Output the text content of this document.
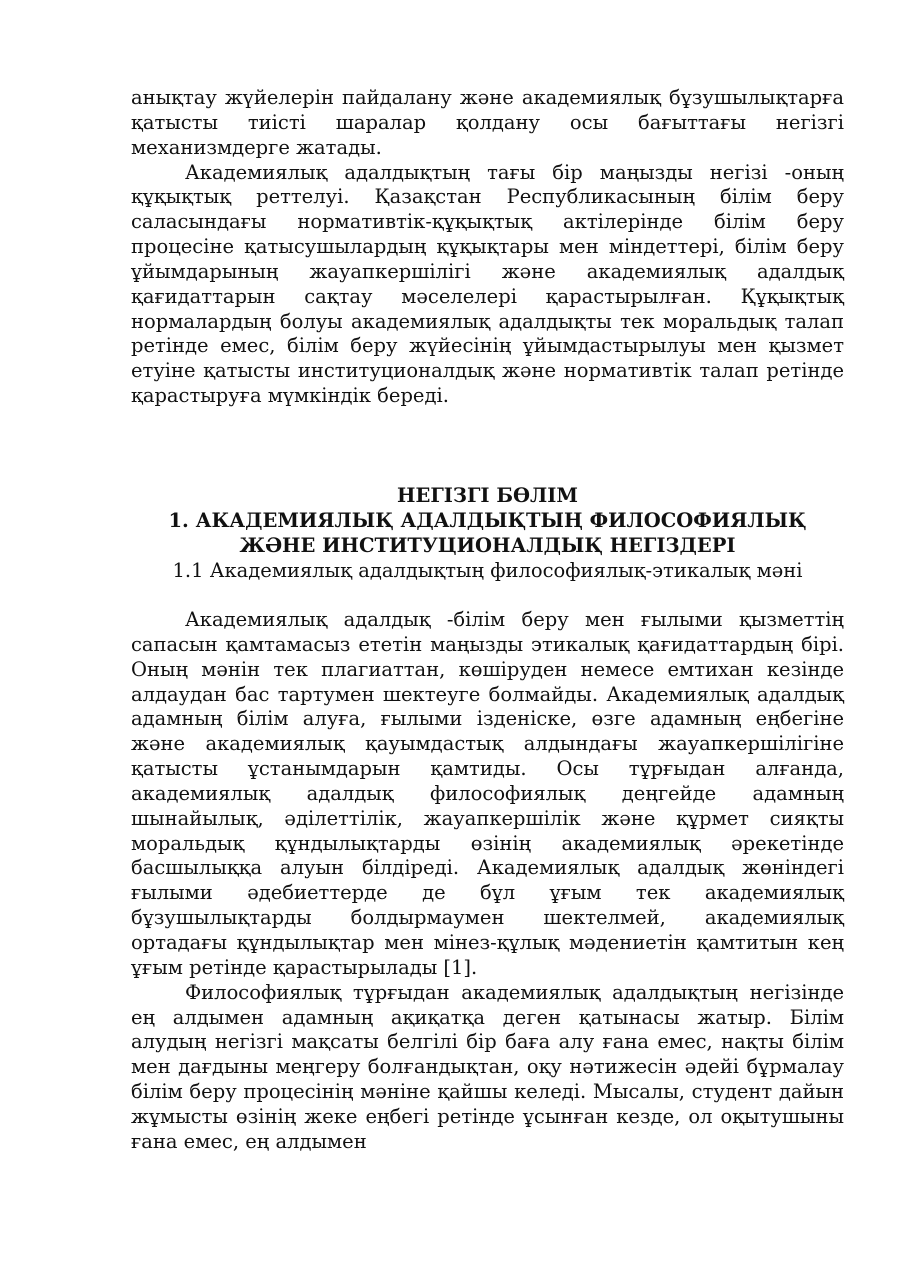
анықтау жүйелерін пайдалану және академиялық бұзушылықтарға қатысты тиісті шаралар қолдану осы бағыттағы негізгі механизмдерге жатады.

Академиялық адалдықтың тағы бір маңызды негізі -оның құқықтық реттелуі. Қазақстан Республикасының білім беру саласындағы нормативтік-құқықтық актілерінде білім беру процесіне қатысушылардың құқықтары мен міндеттері, білім беру ұйымдарының жауапкершілігі және академиялық адалдық қағидаттарын сақтау мәселелері қарастырылған. Құқықтық нормалардың болуы академиялық адалдықты тек моральдық талап ретінде емес, білім беру жүйесінің ұйымдастырылуы мен қызмет етуіне қатысты институционалдық және нормативтік талап ретінде қарастыруға мүмкіндік береді.

НЕГІЗГІ БӨЛІМ

1. АКАДЕМИЯЛЫҚ АДАЛДЫҚТЫҢ ФИЛОСОФИЯЛЫҚ

ЖӘНЕ ИНСТИТУЦИОНАЛДЫҚ НЕГІЗДЕРІ

1.1 Академиялық адалдықтың философиялық-этикалық мәні

Академиялық адалдық -білім беру мен ғылыми қызметтің сапасын қамтамасыз ететін маңызды этикалық қағидаттардың бірі. Оның мәнін тек плагиаттан, көшіруден немесе емтихан кезінде алдаудан бас тартумен шектеуге болмайды. Академиялық адалдық адамның білім алуға, ғылыми ізденіске, өзге адамның еңбегіне және академиялық қауымдастық алдындағы жауапкершілігіне қатысты ұстанымдарын қамтиды. Осы тұрғыдан алғанда, академиялық адалдық философиялық деңгейде адамның шынайылық, әділеттілік, жауапкершілік және құрмет сияқты моральдық құндылықтарды өзінің академиялық әрекетінде басшылыққа алуын білдіреді. Академиялық адалдық жөніндегі ғылыми әдебиеттерде де бұл ұғым тек академиялық бұзушылықтарды болдырмаумен шектелмей, академиялық ортадағы құндылықтар мен мінез-құлық мәдениетін қамтитын кең ұғым ретінде қарастырылады [1].

Философиялық тұрғыдан академиялық адалдықтың негізінде ең алдымен адамның ақиқатқа деген қатынасы жатыр. Білім алудың негізгі мақсаты белгілі бір баға алу ғана емес, нақты білім мен дағдыны меңгеру болғандықтан, оқу нәтижесін әдейі бұрмалау білім беру процесінің мәніне қайшы келеді. Мысалы, студент дайын жұмысты өзінің жеке еңбегі ретінде ұсынған кезде, ол оқытушыны ғана емес, ең алдымен
